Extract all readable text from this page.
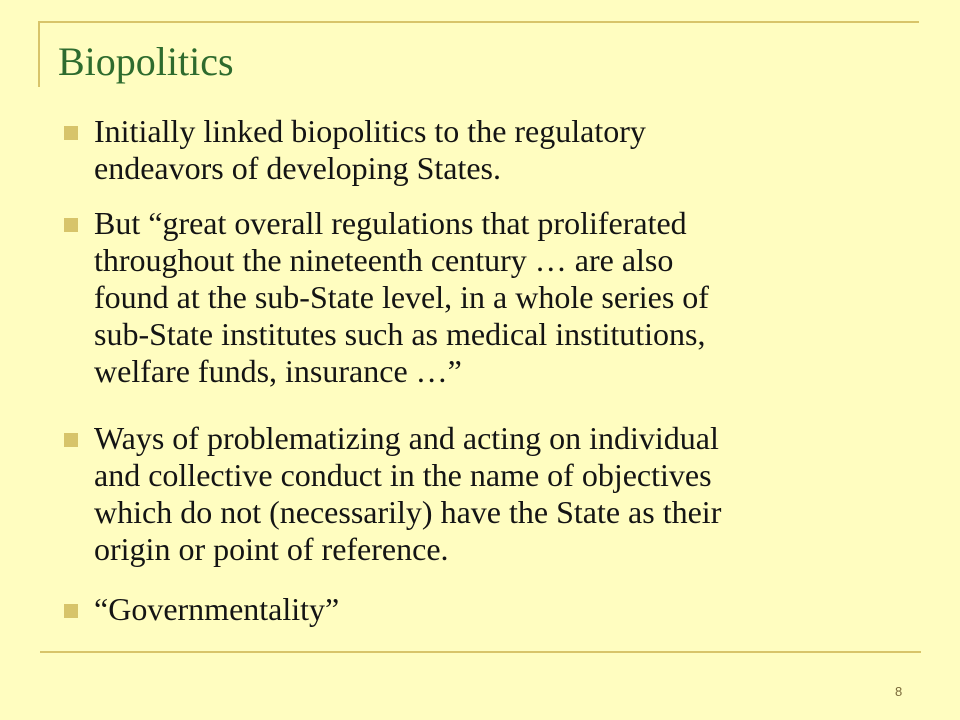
Biopolitics
Initially linked biopolitics to the regulatory
endeavors of developing States.
But “great overall regulations that proliferated
throughout the nineteenth century … are also
found at the sub-State level, in a whole series of
sub-State institutes such as medical institutions,
welfare funds, insurance …”
Ways of problematizing and acting on individual
and collective conduct in the name of objectives
which do not (necessarily) have the State as their
origin or point of reference.
“Governmentality”
8
